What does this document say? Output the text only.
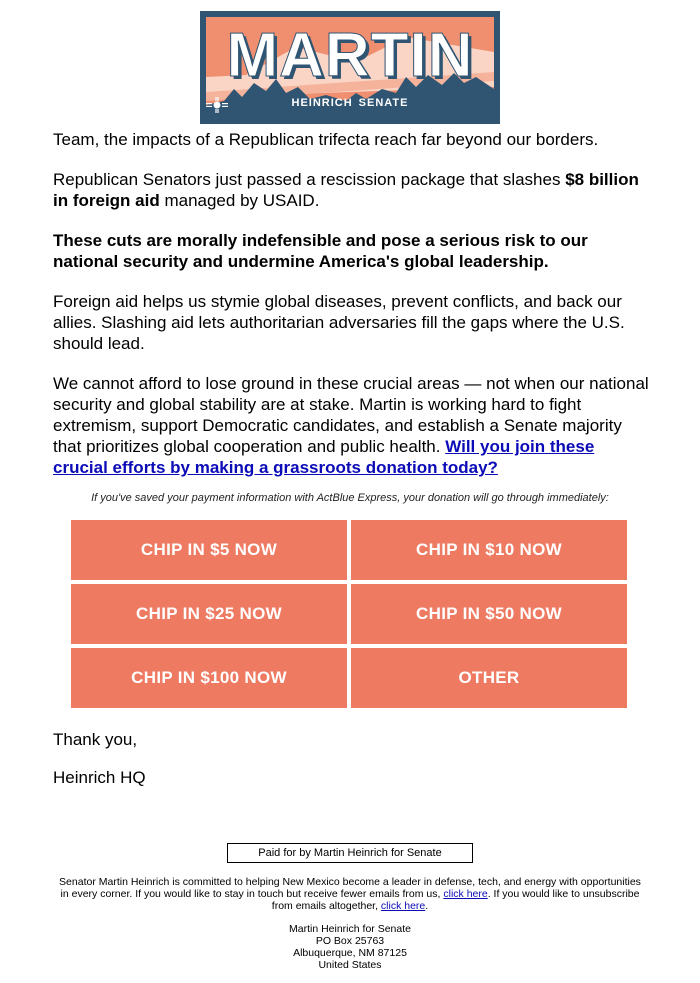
MARTIN
HEINRICH SENATE

Team, the impacts of a Republican trifecta reach far beyond our borders.

Republican Senators just passed a rescission package that slashes $8 billion in foreign aid managed by USAID.

These cuts are morally indefensible and pose a serious risk to our national security and undermine America's global leadership.

Foreign aid helps us stymie global diseases, prevent conflicts, and back our allies. Slashing aid lets authoritarian adversaries fill the gaps where the U.S. should lead.

We cannot afford to lose ground in these crucial areas — not when our national security and global stability are at stake. Martin is working hard to fight extremism, support Democratic candidates, and establish a Senate majority that prioritizes global cooperation and public health. Will you join these crucial efforts by making a grassroots donation today?

If you've saved your payment information with ActBlue Express, your donation will go through immediately:
CHIP IN $5 NOW	CHIP IN $10 NOW
CHIP IN $25 NOW	CHIP IN $50 NOW
CHIP IN $100 NOW	OTHER
Thank you,
Heinrich HQ
Paid for by Martin Heinrich for Senate
Senator Martin Heinrich is committed to helping New Mexico become a leader in defense, tech, and energy with opportunities in every corner. If you would like to stay in touch but receive fewer emails from us, click here. If you would like to unsubscribe from emails altogether, click here.
Martin Heinrich for Senate
PO Box 25763
Albuquerque, NM 87125
United States
